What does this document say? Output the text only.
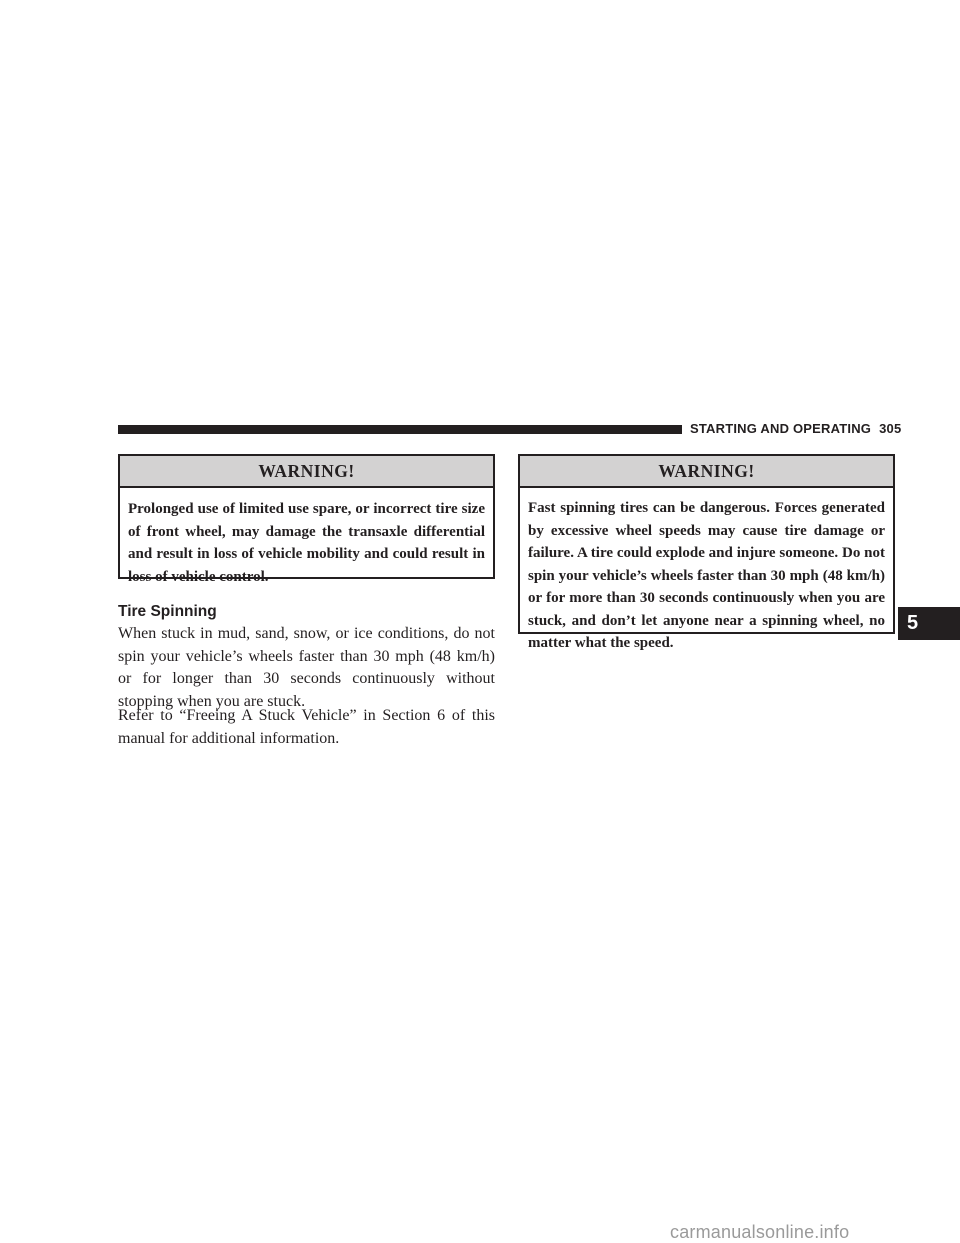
STARTING AND OPERATING 305
WARNING!
Prolonged use of limited use spare, or incorrect tire size of front wheel, may damage the transaxle differential and result in loss of vehicle mobility and could result in loss of vehicle control.
Tire Spinning

When stuck in mud, sand, snow, or ice conditions, do not spin your vehicle’s wheels faster than 30 mph (48 km/h) or for longer than 30 seconds continuously without stopping when you are stuck.

Refer to “Freeing A Stuck Vehicle” in Section 6 of this manual for additional information.

WARNING!
Fast spinning tires can be dangerous. Forces generated by excessive wheel speeds may cause tire damage or failure. A tire could explode and injure someone. Do not spin your vehicle’s wheels faster than 30 mph (48 km/h) or for more than 30 seconds continuously when you are stuck, and don’t let anyone near a spinning wheel, no matter what the speed.
5
carmanualsonline.info
